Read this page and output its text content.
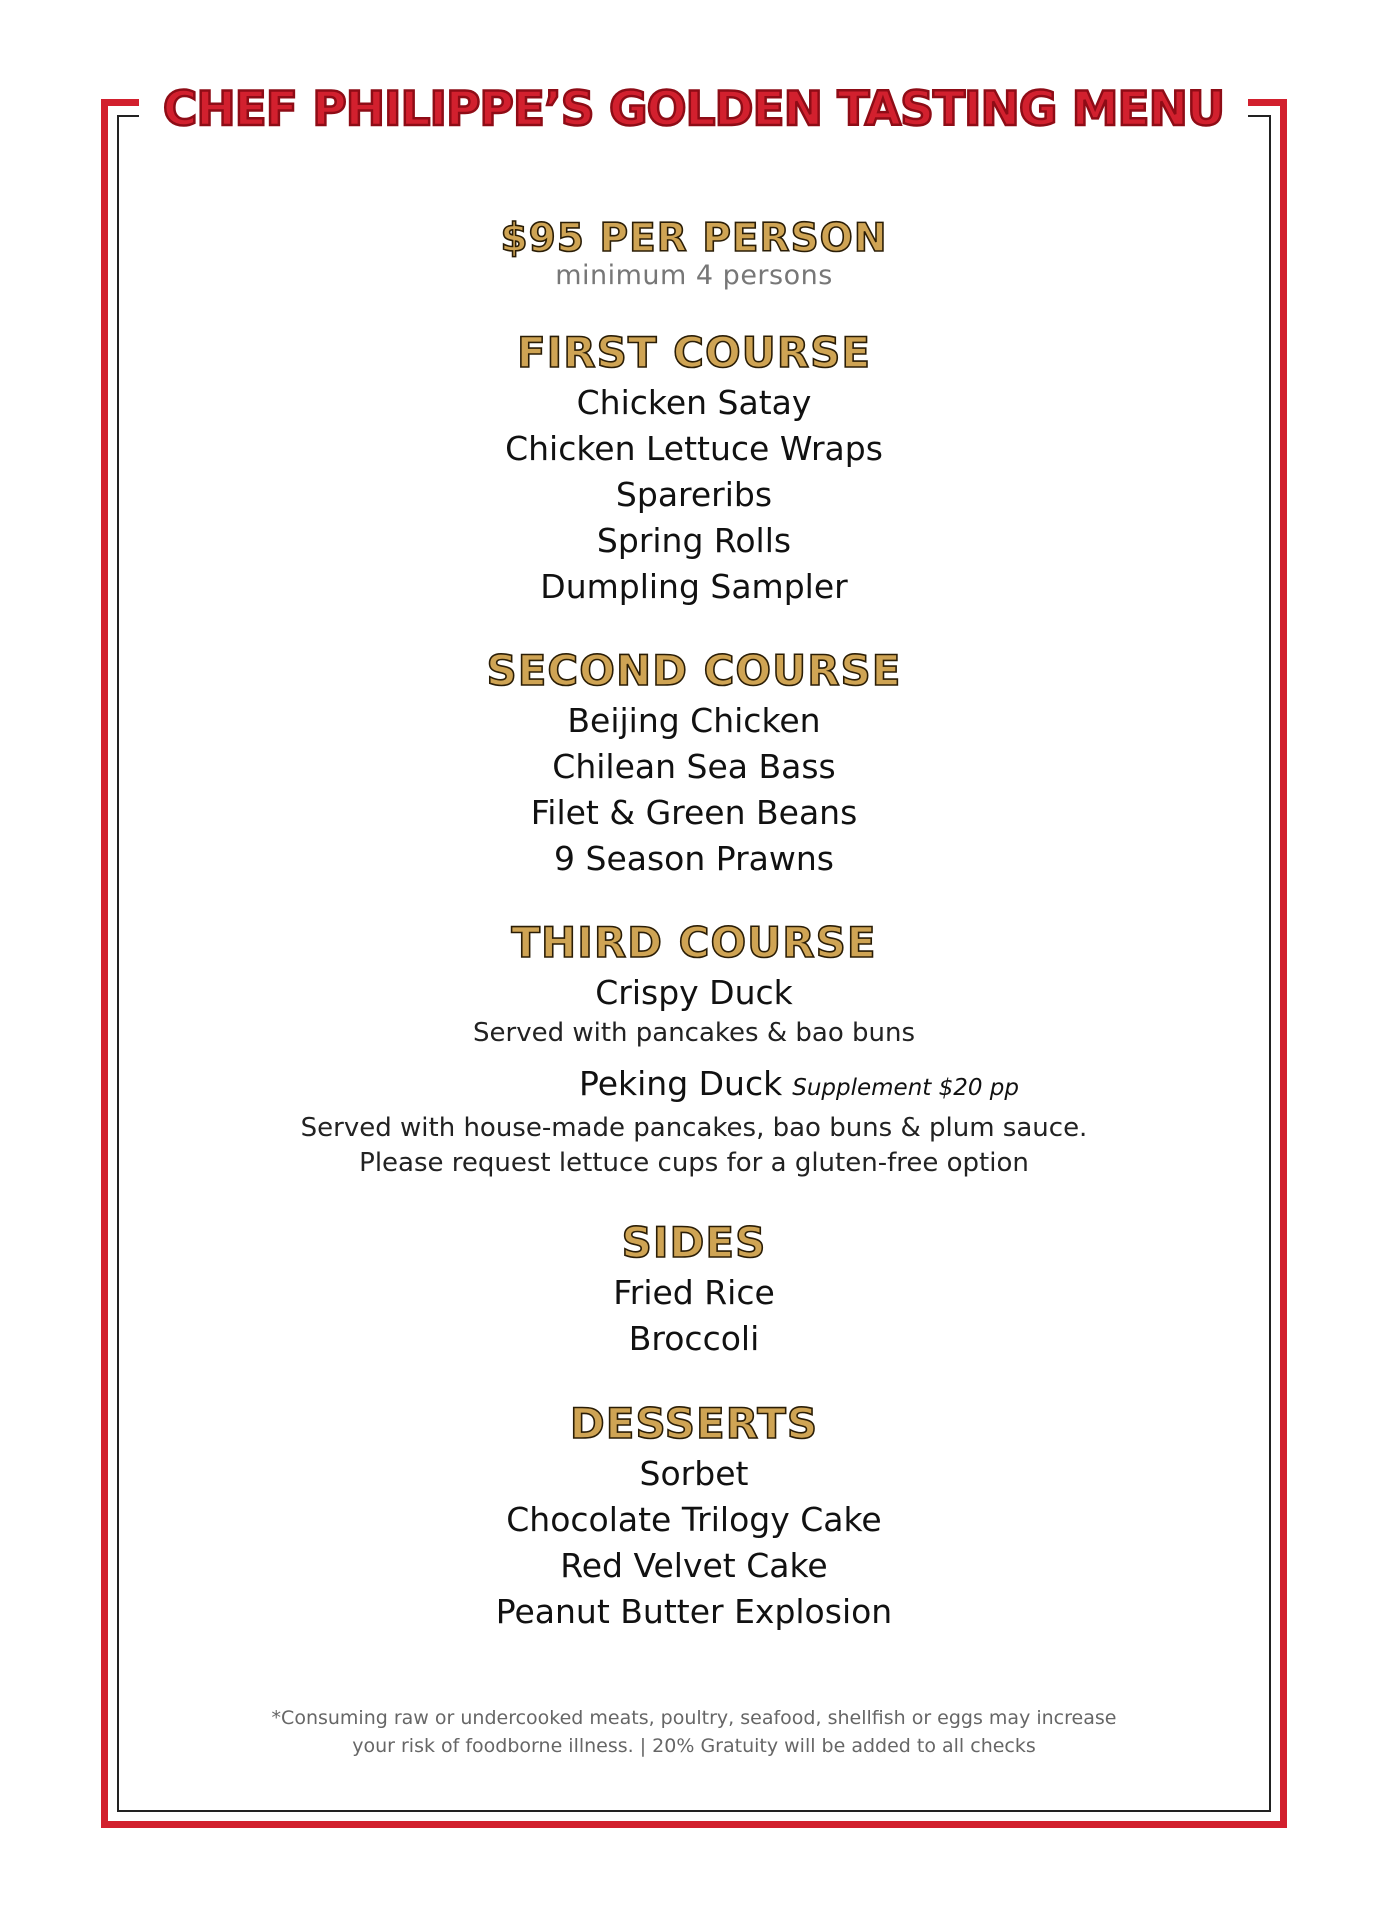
CHEF PHILIPPE’S GOLDEN TASTING MENU
$95 PER PERSON
minimum 4 persons
FIRST COURSE
Chicken Satay
Chicken Lettuce Wraps
Spareribs
Spring Rolls
Dumpling Sampler
SECOND COURSE
Beijing Chicken
Chilean Sea Bass
Filet & Green Beans
9 Season Prawns
THIRD COURSE
Crispy Duck
Served with pancakes & bao buns
Peking Duck Supplement $20 pp
Served with house-made pancakes, bao buns & plum sauce.
Please request lettuce cups for a gluten-free option
SIDES
Fried Rice
Broccoli
DESSERTS
Sorbet
Chocolate Trilogy Cake
Red Velvet Cake
Peanut Butter Explosion
*Consuming raw or undercooked meats, poultry, seafood, shellfish or eggs may increase
your risk of foodborne illness. | 20% Gratuity will be added to all checks
